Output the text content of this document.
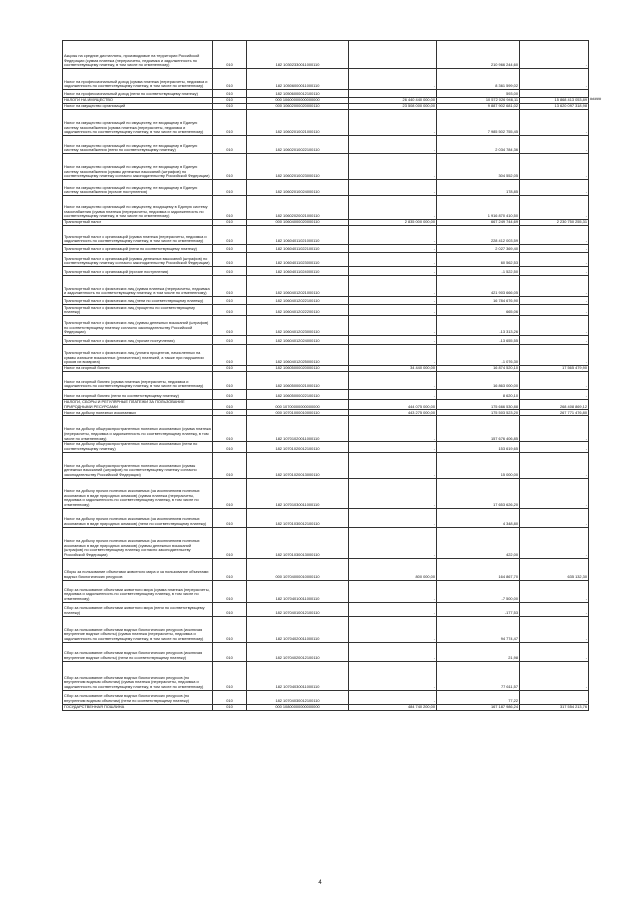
Акцизы на средние дистилляты, производимые на территории Российской Федерации (сумма платежа (перерасчеты, недоимка и задолженность по соответствующему платежу, в том числе по отмененному)	010	182 10302330011000110		210 966 244,60	-
Налог на профессиональный доход (сумма платежа (перерасчеты, недоимка и задолженность по соответствующему платежу, в том числе по отмененному)	010	182 10506000011000110	-	8 361 599,02	-
Налог на профессиональный доход (пени по соответствующему платежу)	010	182 10506000012100110		593,00	
НАЛОГИ НА ИМУЩЕСТВО	010	000 10600000000000000	26 440 440 000,00	10 572 026 946,11	15 868 413 053,89
Налог на имущество организаций	010	000 10602000020000110	23 508 000 000,00	9 887 902 681,02	13 620 097 318,98
Налог на имущество организаций по имуществу, не входящему в Единую систему газоснабжения (сумма платежа (перерасчеты, недоимка и задолженность по соответствующему платежу, в том числе по отмененному)	010	182 10602010021000110	-	7 985 502 755,45	-
Налог на имущество организаций по имуществу, не входящему в Единую систему газоснабжения (пени по соответствующему платежу)	010	182 10602010022100110	-	2 034 784,36	-
Налог на имущество организаций по имуществу, не входящему в Единую систему газоснабжения (суммы денежных взысканий (штрафов) по соответствующему платежу согласно законодательству Российской Федерации)	010	182 10602010023000110	-	304 552,05	-
Налог на имущество организаций по имуществу, не входящему в Единую систему газоснабжения (прочие поступления)	010	182 10602010024000110	-	178,85	-
Налог на имущество организаций по имуществу, входящему в Единую систему газоснабжения (сумма платежа (перерасчеты, недоимка и задолженность по соответствующему платежу, в том числе по отмененному)	010	182 10602020021000110	-	1 916 870 410,50	-
Транспортный налог	010	000 10604000020000110	2 835 000 000,00	667 249 744,69	2 230 750 255,31
Транспортный налог с организаций (сумма платежа (перерасчеты, недоимка и задолженность по соответствующему платежу, в том числе по отмененному)	010	182 10604011021000110	-	228 412 003,59	-
Транспортный налог с организаций (пени по соответствующему платежу)	010	182 10604011022100110	-	2 027 369,40	-
Транспортный налог с организаций (суммы денежных взысканий (штрафов) по соответствующему платежу согласно законодательству Российской Федерации)	010	182 10604011023000110	-	60 562,53	-
Транспортный налог с организаций (прочие поступления)	010	182 10604011024000110	-	-1 522,50	-
Транспортный налог с физических лиц (сумма платежа (перерасчеты, недоимка и задолженность по соответствующему платежу, в том числе по отмененному)	010	182 10604012021000110	-	421 903 666,05	-
Транспортный налог с физических лиц (пени по соответствующему платежу)	010	182 10604012022100110	-	16 784 676,90	-
Транспортный налог с физических лиц (проценты по соответствующему платежу)	010	182 10604012022200110	-	665,06	-
Транспортный налог с физических лиц (суммы денежных взысканий (штрафов) по соответствующему платежу согласно законодательству Российской Федерации)	010	182 10604012023000110	-	-13 313,26	-
Транспортный налог с физических лиц (прочие поступления)	010	182 10604012024000110	-	-13 655,55	-
Транспортный налог с физических лиц (уплата процентов, начисленных на суммы излишне взысканных (уплаченных) платежей, а также при нарушении сроков их возврата)	010	182 10604012025000110	-	-1 076,30	-
Налог на игорный бизнес	010	182 10605000020000110	34 440 000,00	16 874 520,10	17 565 479,90
Налог на игорный бизнес (сумма платежа (перерасчеты, недоимка и задолженность по соответствующему платежу, в том числе по отмененному)	010	182 10605000021000110	-	16 863 000,00	-
Налог на игорный бизнес (пени по соответствующему платежу)	010	182 10605000022100110	-	8 620,10	-
НАЛОГИ, СБОРЫ И РЕГУЛЯРНЫЕ ПЛАТЕЖИ ЗА ПОЛЬЗОВАНИЕ ПРИРОДНЫМИ РЕСУРСАМИ	010	000 10700000000000000	444 075 000,00	175 666 530,88	268 408 869,12
Налог на добычу полезных ископаемых	010	000 10701000010000110	443 275 000,00	175 503 523,20	267 771 476,80
Налог на добычу общераспространенных полезных ископаемых (сумма платежа (перерасчеты, недоимка и задолженность по соответствующему платежу, в том числе по отмененному)	010	182 10701020011000110	-	157 676 406,85	-
Налог на добычу общераспространенных полезных ископаемых (пени по соответствующему платежу)	010	182 10701020012100110	-	153 619,65	-
Налог на добычу общераспространенных полезных ископаемых (суммы денежных взысканий (штрафов) по соответствующему платежу согласно законодательству Российской Федерации)	010	182 10701020013000110	-	15 000,00	-
Налог на добычу прочих полезных ископаемых (за исключением полезных ископаемых в виде природных алмазов) (сумма платежа (перерасчеты, недоимка и задолженность по соответствующему платежу, в том числе по отмененному)	010	182 10701030011000110	-	17 653 626,20	-
Налог на добычу прочих полезных ископаемых (за исключением полезных ископаемых в виде природных алмазов) (пени по соответствующему платежу)	010	182 10701030012100110	-	4 348,80	-
Налог на добычу прочих полезных ископаемых (за исключением полезных ископаемых в виде природных алмазов) (суммы денежных взысканий (штрафов) по соответствующему платежу согласно законодательству Российской Федерации)	010	182 10701030013000110	-	422,00	-
Сборы за пользование объектами животного мира и за пользование объектами водных биологических ресурсов	010	000 10704000010000110	800 000,00	164 867,70	635 132,30
Сбор за пользование объектами животного мира (сумма платежа (перерасчеты, недоимка и задолженность по соответствующему платежу, в том числе по отмененному)	010	182 10704010011000110	-	-7 500,00	-
Сбор за пользование объектами животного мира (пени по соответствующему платежу)	010	182 10704010012100110	-	-177,53	-
Сбор за пользование объектами водных биологических ресурсов (исключая внутренние водные объекты) (сумма платежа (перерасчеты, недоимка и задолженность по соответствующему платежу, в том числе по отмененному)	010	182 10704020011000110	-	94 774,47	-
Сбор за пользование объектами водных биологических ресурсов (исключая внутренние водные объекты) (пени по соответствующему платежу)	010	182 10704020012100110	-	21,98	-
Сбор за пользование объектами водных биологических ресурсов (по внутренним водным объектам) (сумма платежа (перерасчеты, недоимка и задолженность по соответствующему платежу, в том числе по отмененному)	010	182 10704030011000110	-	77 611,57	-
Сбор за пользование объектами водных биологических ресурсов (по внутренним водным объектам) (пени по соответствующему платежу)	010	182 10704030012100110	-	77,22	-
ГОСУДАРСТВЕННАЯ ПОШЛИНА	010	000 10800000000000000	484 740 200,00	167 187 986,24	317 554 213,76
#####
4
